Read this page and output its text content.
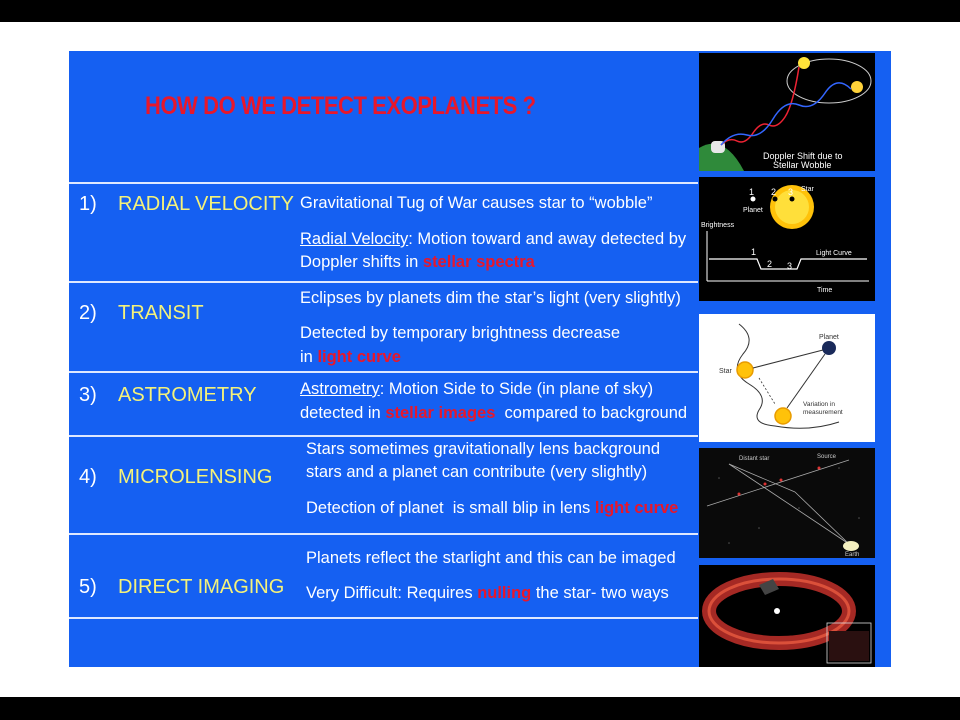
HOW DO WE DETECT EXOPLANETS ?
1) RADIAL VELOCITY Gravitational Tug of War causes star to “wobble”
Radial Velocity: Motion toward and away detected by
Doppler shifts in stellar spectra
2) TRANSIT
Eclipses by planets dim the star’s light (very slightly)
Detected by temporary brightness decrease
in light curve
3) ASTROMETRY	Astrometry: Motion Side to Side (in plane of sky)
detected in stellar images  compared to background
4) MICROLENSING
Stars sometimes gravitationally lens background
stars and a planet can contribute (very slightly)
Detection of planet  is small blip in lens light curve
5) DIRECT IMAGING
Planets reflect the starlight and this can be imaged
Very Difficult: Requires nulling the star- two ways
Doppler Shift due to
Stellar Wobble
1 2 3 Star
Planet
Brightness
1
2 3
Light Curve
Time
Planet
Star
Variation in
measurement
Distant star	Source
Earth
